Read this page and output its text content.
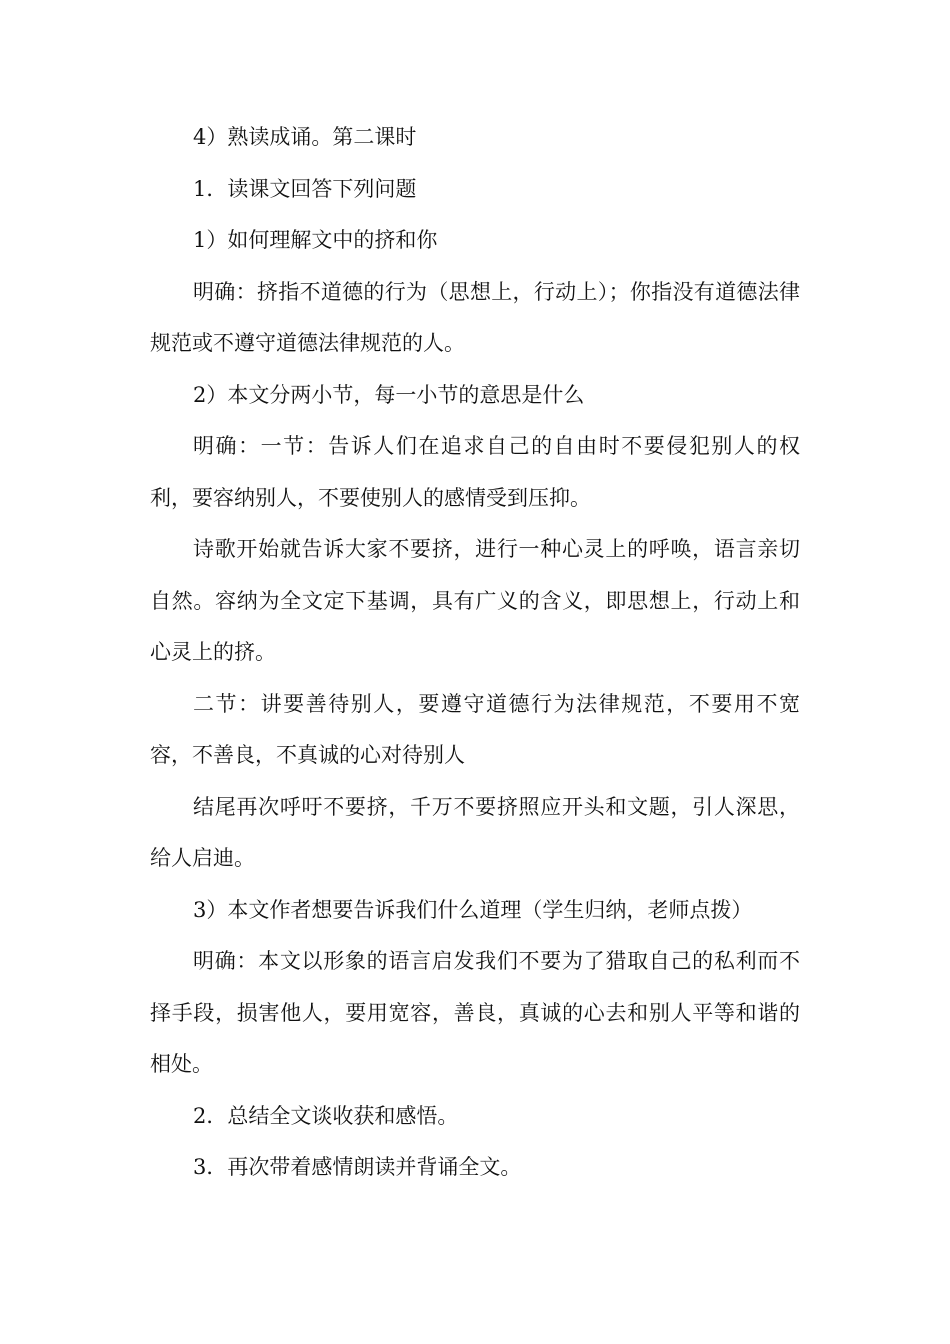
4）熟读成诵。第二课时

1．读课文回答下列问题

1）如何理解文中的挤和你

明确：挤指不道德的行为（思想上，行动上）；你指没有道德法律规范或不遵守道德法律规范的人。

2）本文分两小节，每一小节的意思是什么

明确：一节：告诉人们在追求自己的自由时不要侵犯别人的权利，要容纳别人，不要使别人的感情受到压抑。

诗歌开始就告诉大家不要挤，进行一种心灵上的呼唤，语言亲切自然。容纳为全文定下基调，具有广义的含义，即思想上，行动上和心灵上的挤。

二节：讲要善待别人，要遵守道德行为法律规范，不要用不宽容，不善良，不真诚的心对待别人

结尾再次呼吁不要挤，千万不要挤照应开头和文题，引人深思，给人启迪。

3）本文作者想要告诉我们什么道理（学生归纳，老师点拨）

明确：本文以形象的语言启发我们不要为了猎取自己的私利而不择手段，损害他人，要用宽容，善良，真诚的心去和别人平等和谐的相处。

2．总结全文谈收获和感悟。

3．再次带着感情朗读并背诵全文。
